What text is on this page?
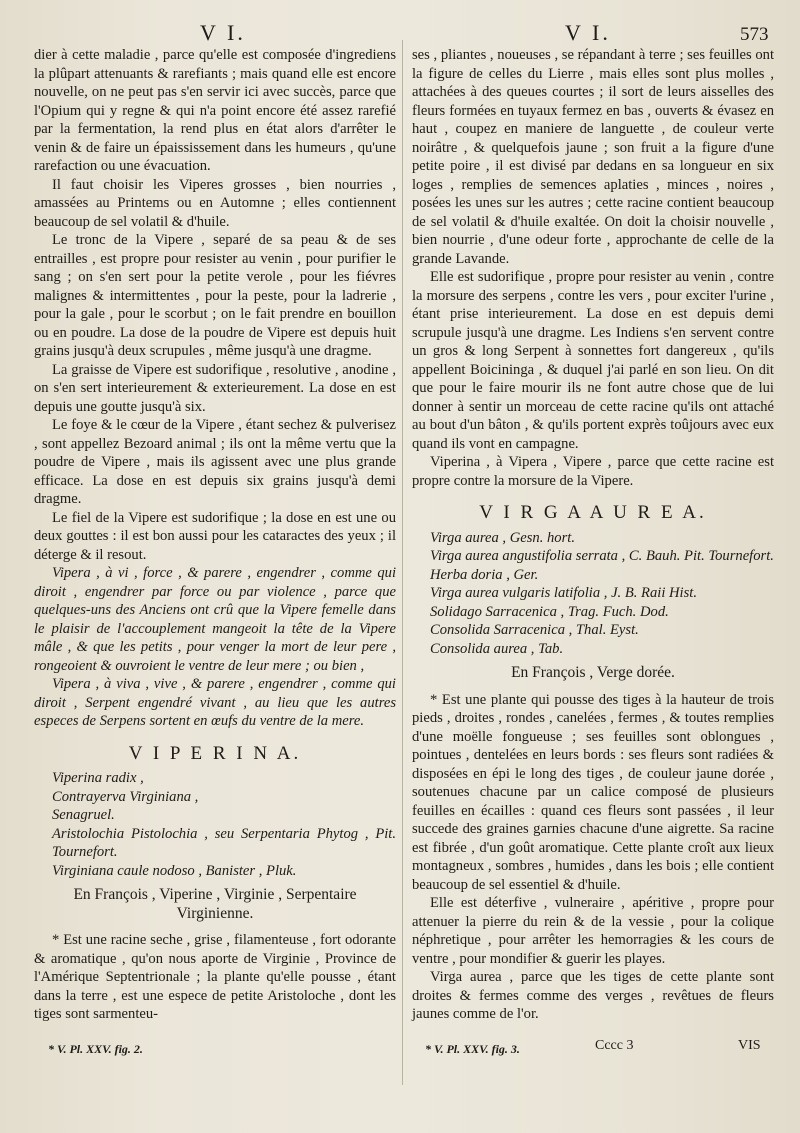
V I.

dier à cette maladie , parce qu'elle est composée d'ingrediens la plûpart attenuants & rarefiants ; mais quand elle est encore nouvelle, on ne peut pas s'en servir ici avec succès, parce que l'Opium qui y regne & qui n'a point encore été assez rarefié par la fermentation, la rend plus en état alors d'arrêter le venin & de faire un épaississement dans les humeurs , qu'une rarefaction ou une évacuation.

Il faut choisir les Viperes grosses , bien nourries , amassées au Printems ou en Automne ; elles contiennent beaucoup de sel volatil & d'huile.

Le tronc de la Vipere , separé de sa peau & de ses entrailles , est propre pour resister au venin , pour purifier le sang ; on s'en sert pour la petite verole , pour les fiévres malignes & intermittentes , pour la peste, pour la ladrerie , pour la gale , pour le scorbut ; on le fait prendre en bouillon ou en poudre. La dose de la poudre de Vipere est depuis huit grains jusqu'à deux scrupules , même jusqu'à une dragme.

La graisse de Vipere est sudorifique , resolutive , anodine , on s'en sert interieurement & exterieurement. La dose en est depuis une goutte jusqu'à six.

Le foye & le cœur de la Vipere , étant sechez & pulverisez , sont appellez Bezoard animal ; ils ont la même vertu que la poudre de Vipere , mais ils agissent avec une plus grande efficace. La dose en est depuis six grains jusqu'à demi dragme.

Le fiel de la Vipere est sudorifique ; la dose en est une ou deux gouttes : il est bon aussi pour les cataractes des yeux ; il déterge & il resout.

Vipera , à vi , force , & parere , engendrer , comme qui diroit , engendrer par force ou par violence , parce que quelques-uns des Anciens ont crû que la Vipere femelle dans le plaisir de l'accouplement mangeoit la tête de la Vipere mâle , & que les petits , pour venger la mort de leur pere , rongeoient & ouvroient le ventre de leur mere ; ou bien ,

Vipera , à viva , vive , & parere , engendrer , comme qui diroit , Serpent engendré vivant , au lieu que les autres especes de Serpens sortent en œufs du ventre de la mere.

V I P E R I N A.

Viperina radix ,

Contrayerva Virginiana ,

Senagruel.

Aristolochia Pistolochia , seu Serpentaria Phytog , Pit. Tournefort.

Virginiana caule nodoso , Banister , Pluk.

En François , Viperine , Virginie , Serpentaire Virginienne.

* Est une racine seche , grise , filamenteuse , fort odorante & aromatique , qu'on nous aporte de Virginie , Province de l'Amérique Septentrionale ; la plante qu'elle pousse , étant dans la terre , est une espece de petite Aristoloche , dont les tiges sont sarmenteu-

* V. Pl. XXV. fig. 2.
V I.	573

ses , pliantes , noueuses , se répandant à terre ; ses feuilles ont la figure de celles du Lierre , mais elles sont plus molles , attachées à des queues courtes ; il sort de leurs aisselles des fleurs formées en tuyaux fermez en bas , ouverts & évasez en haut , coupez en maniere de languette , de couleur verte noirâtre , & quelquefois jaune ; son fruit a la figure d'une petite poire , il est divisé par dedans en sa longueur en six loges , remplies de semences aplaties , minces , noires , posées les unes sur les autres ; cette racine contient beaucoup de sel volatil & d'huile exaltée. On doit la choisir nouvelle , bien nourrie , d'une odeur forte , approchante de celle de la grande Lavande.

Elle est sudorifique , propre pour resister au venin , contre la morsure des serpens , contre les vers , pour exciter l'urine , étant prise interieurement. La dose en est depuis demi scrupule jusqu'à une dragme. Les Indiens s'en servent contre un gros & long Serpent à sonnettes fort dangereux , qu'ils appellent Boicininga , & duquel j'ai parlé en son lieu. On dit que pour le faire mourir ils ne font autre chose que de lui donner à sentir un morceau de cette racine qu'ils ont attaché au bout d'un bâton , & qu'ils portent exprès toûjours avec eux quand ils vont en campagne.

Viperina , à Vipera , Vipere , parce que cette racine est propre contre la morsure de la Vipere.

V I R G A A U R E A.

Virga aurea , Gesn. hort.

Virga aurea angustifolia serrata , C. Bauh. Pit. Tournefort.

Herba doria , Ger.

Virga aurea vulgaris latifolia , J. B. Raii Hist.

Solidago Sarracenica , Trag. Fuch. Dod.

Consolida Sarracenica , Thal. Eyst.

Consolida aurea , Tab.

En François , Verge dorée.

* Est une plante qui pousse des tiges à la hauteur de trois pieds , droites , rondes , canelées , fermes , & toutes remplies d'une moëlle fongueuse ; ses feuilles sont oblongues , pointues , dentelées en leurs bords : ses fleurs sont radiées & disposées en épi le long des tiges , de couleur jaune dorée , soutenues chacune par un calice composé de plusieurs feuilles en écailles : quand ces fleurs sont passées , il leur succede des graines garnies chacune d'une aigrette. Sa racine est fibrée , d'un goût aromatique. Cette plante croît aux lieux montagneux , sombres , humides , dans les bois ; elle contient beaucoup de sel essentiel & d'huile.

Elle est déterfive , vulneraire , apéritive , propre pour attenuer la pierre du rein & de la vessie , pour la colique néphretique , pour arrêter les hemorragies & les cours de ventre , pour mondifier & guerir les playes.

Virga aurea , parce que les tiges de cette plante sont droites & fermes comme des verges , revêtues de fleurs jaunes comme de l'or.

* V. Pl. XXV. fig. 3.	Cccc 3	VIS
